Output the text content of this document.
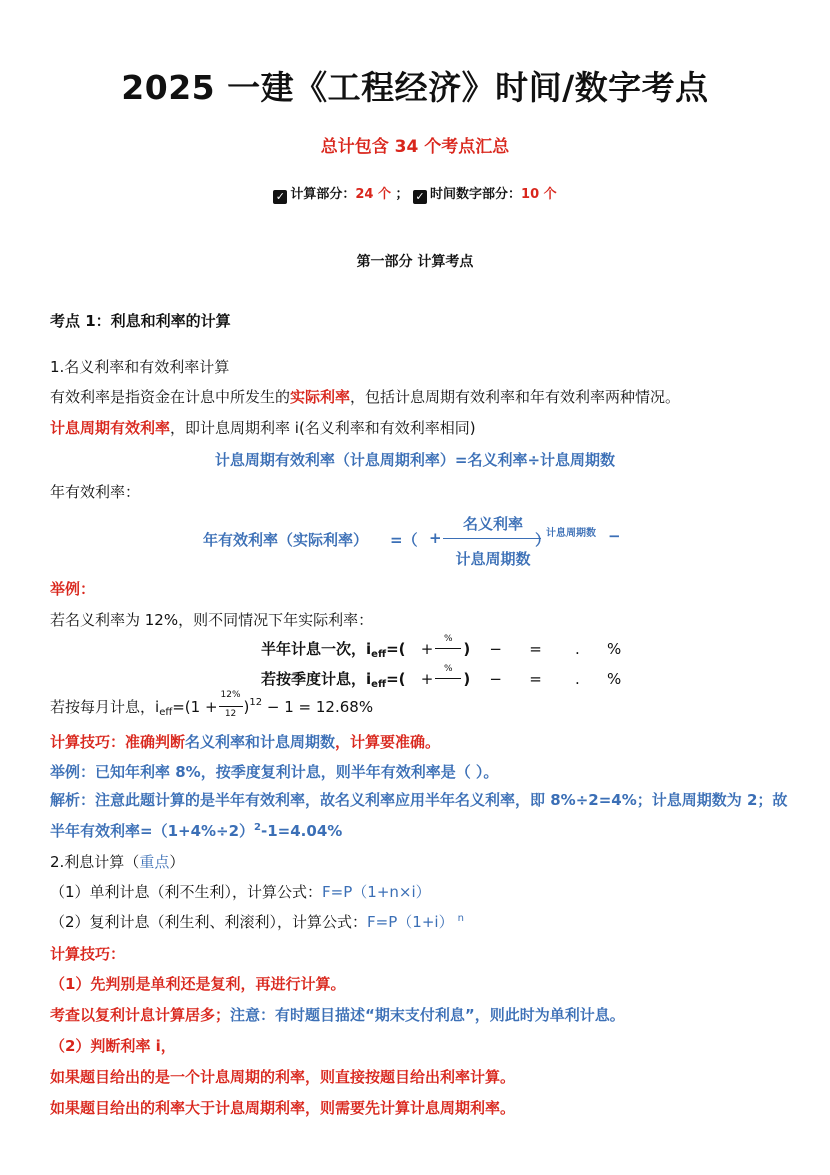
2025 一建《工程经济》时间/数字考点
总计包含 34 个考点汇总
✓ 计算部分：24 个 ； ✓ 时间数字部分：10 个
第一部分 计算考点
考点 1：利息和利率的计算
1.名义利率和有效利率计算
有效利率是指资金在计息中所发生的实际利率，包括计息周期有效利率和年有效利率两种情况。
计息周期有效利率，即计息周期利率 i(名义利率和有效利率相同)
计息周期有效利率（计息周期利率）=名义利率÷计息周期数
年有效利率：
年有效利率（实际利率） =（ +
名义利率
计息周期数
）
计息周期数 −
举例：
若名义利率为 12%，则不同情况下年实际利率：
半年计息一次，$i_{eff}=$( +
%
) − = . %
若按季度计息，$i_{eff}=$( +
%
) − = . %
若按每月计息，$i_{eff}=(1 + \frac{12\%}{12} )^{12} - 1 = 12.68\%$
计算技巧：准确判断名义利率和计息周期数，计算要准确。
举例：已知年利率 8%，按季度复利计息，则半年有效利率是（ ）。
解析：注意此题计算的是半年有效利率，故名义利率应用半年名义利率，即 8%÷2=4%；计息周期数为 2；故半年有效利率$=(1+4\%\div 2)^2-1=4.04\%$
2.利息计算（重点）
（1）单利计息（利不生利），计算公式：F=P（1+n×i）
（2）复利计息（利生利、利滚利），计算公式：F=P（1+i） $^n$
计算技巧：
（1）先判别是单利还是复利，再进行计算。
考查以复利计息计算居多；注意：有时题目描述“期末支付利息”，则此时为单利计息。
（2）判断利率 i，
如果题目给出的是一个计息周期的利率，则直接按题目给出利率计算。
如果题目给出的利率大于计息周期利率，则需要先计算计息周期利率。
